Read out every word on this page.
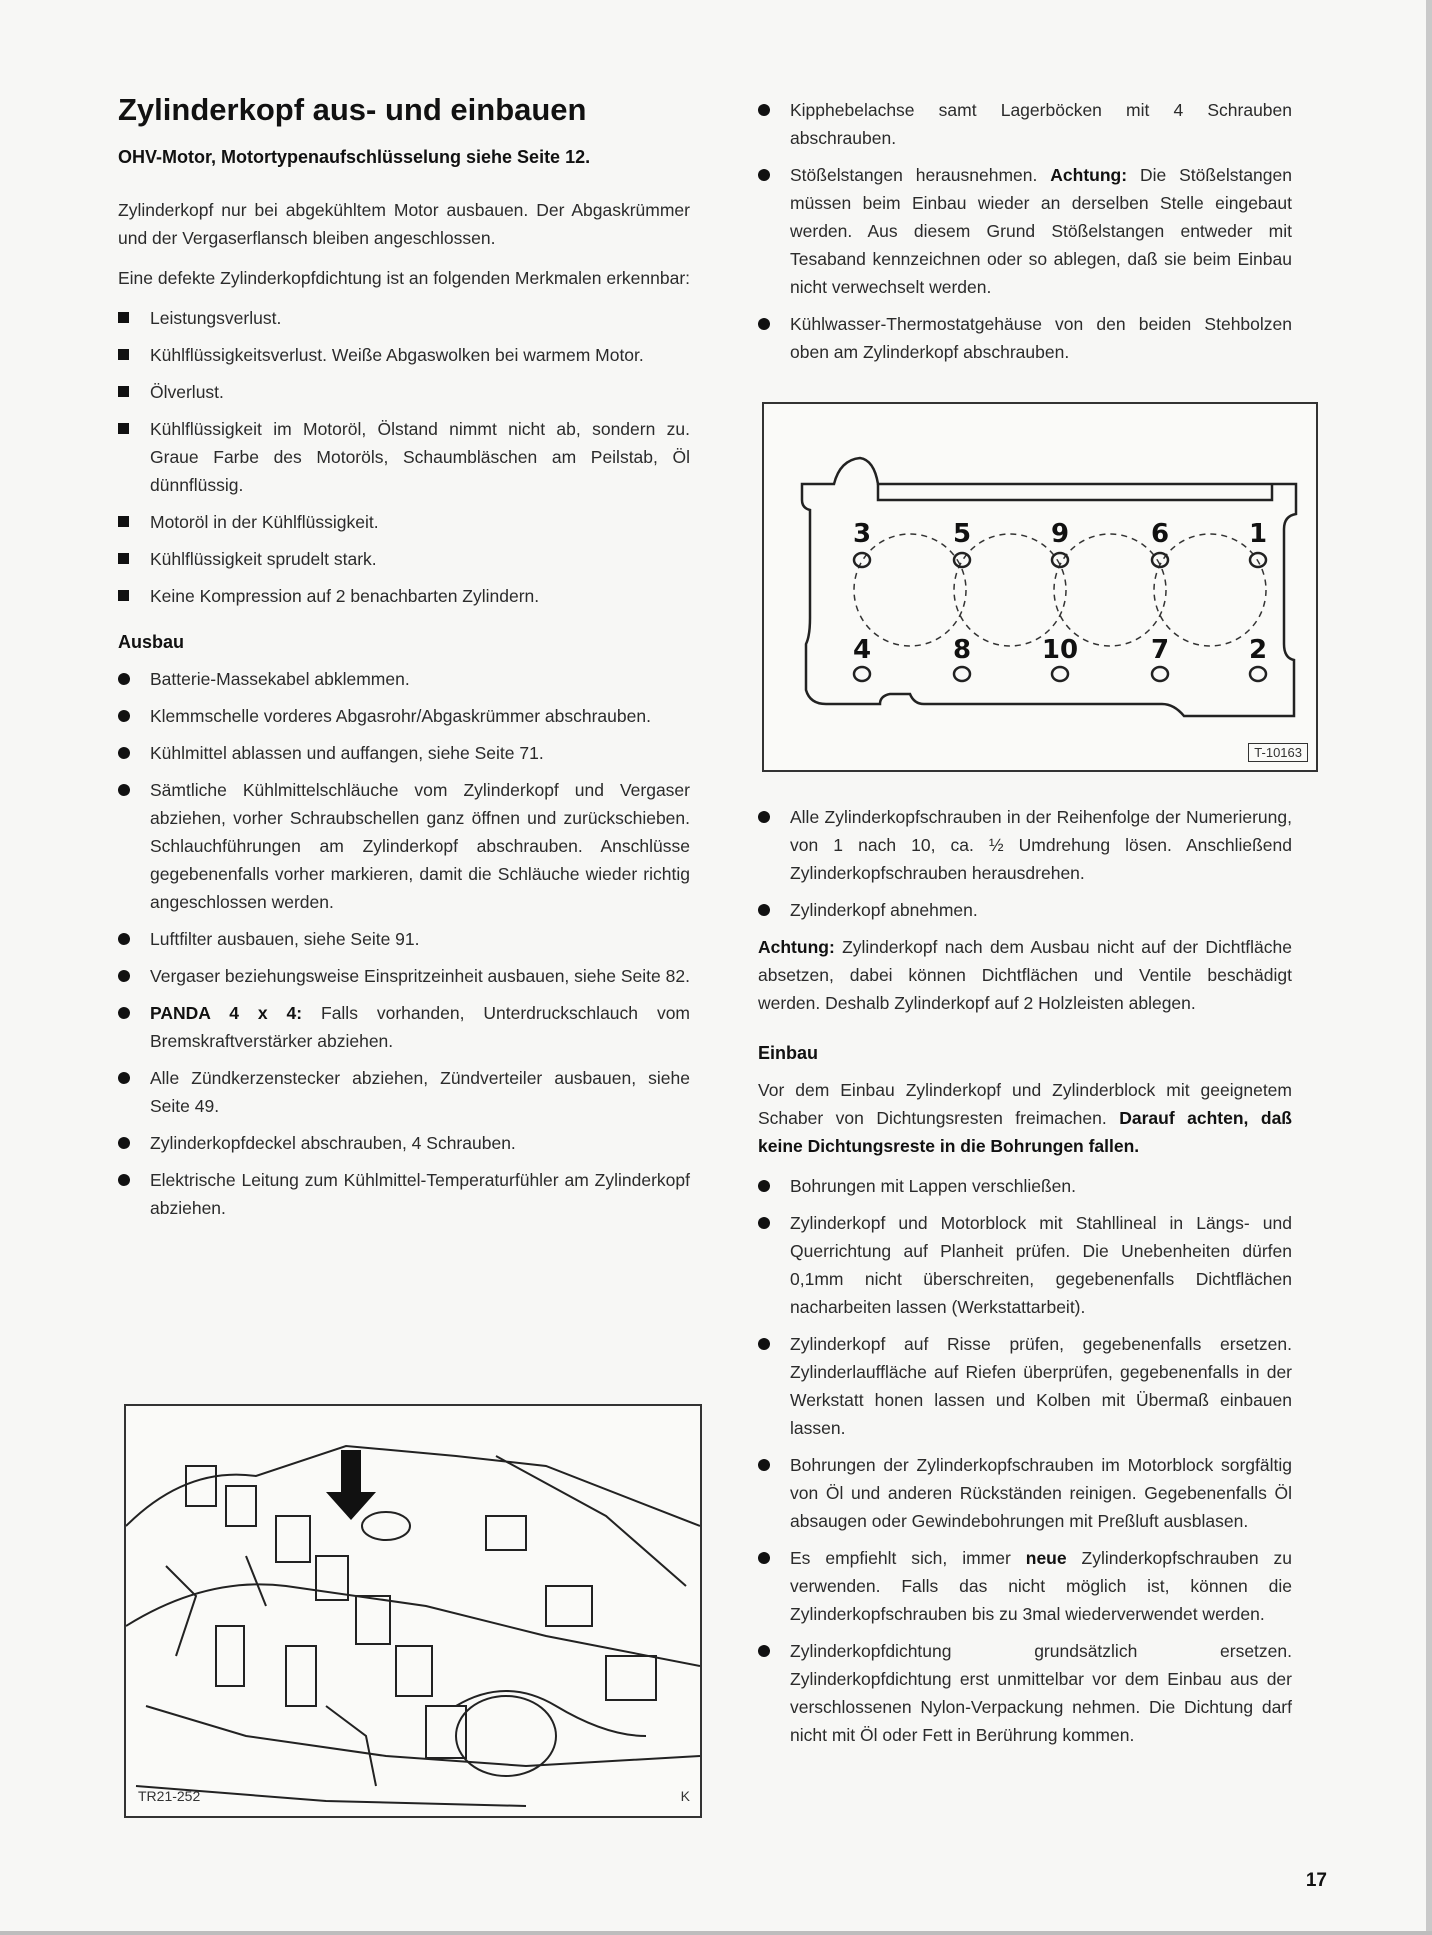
Zylinderkopf aus- und einbauen

OHV-Motor, Motortypenaufschlüsselung siehe Seite 12.

Zylinderkopf nur bei abgekühltem Motor ausbauen. Der Abgaskrümmer und der Vergaserflansch bleiben angeschlossen.

Eine defekte Zylinderkopfdichtung ist an folgenden Merkmalen erkennbar:

Leistungsverlust.
Kühlflüssigkeitsverlust. Weiße Abgaswolken bei warmem Motor.
Ölverlust.
Kühlflüssigkeit im Motoröl, Ölstand nimmt nicht ab, sondern zu. Graue Farbe des Motoröls, Schaumbläschen am Peilstab, Öl dünnflüssig.
Motoröl in der Kühlflüssigkeit.
Kühlflüssigkeit sprudelt stark.
Keine Kompression auf 2 benachbarten Zylindern.
Ausbau
Batterie-Massekabel abklemmen.
Klemmschelle vorderes Abgasrohr/Abgaskrümmer abschrauben.
Kühlmittel ablassen und auffangen, siehe Seite 71.
Sämtliche Kühlmittelschläuche vom Zylinderkopf und Vergaser abziehen, vorher Schraubschellen ganz öffnen und zurückschieben. Schlauchführungen am Zylinderkopf abschrauben. Anschlüsse gegebenenfalls vorher markieren, damit die Schläuche wieder richtig angeschlossen werden.
Luftfilter ausbauen, siehe Seite 91.
Vergaser beziehungsweise Einspritzeinheit ausbauen, siehe Seite 82.
PANDA 4 x 4: Falls vorhanden, Unterdruckschlauch vom Bremskraftverstärker abziehen.
Alle Zündkerzenstecker abziehen, Zündverteiler ausbauen, siehe Seite 49.
Zylinderkopfdeckel abschrauben, 4 Schrauben.
Elektrische Leitung zum Kühlmittel-Temperaturfühler am Zylinderkopf abziehen.
TR21-252	K
Kipphebelachse samt Lagerböcken mit 4 Schrauben abschrauben.
Stößelstangen herausnehmen. Achtung: Die Stößelstangen müssen beim Einbau wieder an derselben Stelle eingebaut werden. Aus diesem Grund Stößelstangen entweder mit Tesaband kennzeichnen oder so ablegen, daß sie beim Einbau nicht verwechselt werden.
Kühlwasser-Thermostatgehäuse von den beiden Stehbolzen oben am Zylinderkopf abschrauben.
3	5	9	6	1
4	8	10	7	2
T-10163
Alle Zylinderkopfschrauben in der Reihenfolge der Numerierung, von 1 nach 10, ca. ½ Umdrehung lösen. Anschließend Zylinderkopfschrauben herausdrehen.
Zylinderkopf abnehmen.

Achtung: Zylinderkopf nach dem Ausbau nicht auf der Dichtfläche absetzen, dabei können Dichtflächen und Ventile beschädigt werden. Deshalb Zylinderkopf auf 2 Holzleisten ablegen.

Einbau

Vor dem Einbau Zylinderkopf und Zylinderblock mit geeignetem Schaber von Dichtungsresten freimachen. Darauf achten, daß keine Dichtungsreste in die Bohrungen fallen.

Bohrungen mit Lappen verschließen.
Zylinderkopf und Motorblock mit Stahllineal in Längs- und Querrichtung auf Planheit prüfen. Die Unebenheiten dürfen 0,1mm nicht überschreiten, gegebenenfalls Dichtflächen nacharbeiten lassen (Werkstattarbeit).
Zylinderkopf auf Risse prüfen, gegebenenfalls ersetzen. Zylinderlauffläche auf Riefen überprüfen, gegebenenfalls in der Werkstatt honen lassen und Kolben mit Übermaß einbauen lassen.
Bohrungen der Zylinderkopfschrauben im Motorblock sorgfältig von Öl und anderen Rückständen reinigen. Gegebenenfalls Öl absaugen oder Gewindebohrungen mit Preßluft ausblasen.
Es empfiehlt sich, immer neue Zylinderkopfschrauben zu verwenden. Falls das nicht möglich ist, können die Zylinderkopfschrauben bis zu 3mal wiederverwendet werden.
Zylinderkopfdichtung grundsätzlich ersetzen. Zylinderkopfdichtung erst unmittelbar vor dem Einbau aus der verschlossenen Nylon-Verpackung nehmen. Die Dichtung darf nicht mit Öl oder Fett in Berührung kommen.
17
